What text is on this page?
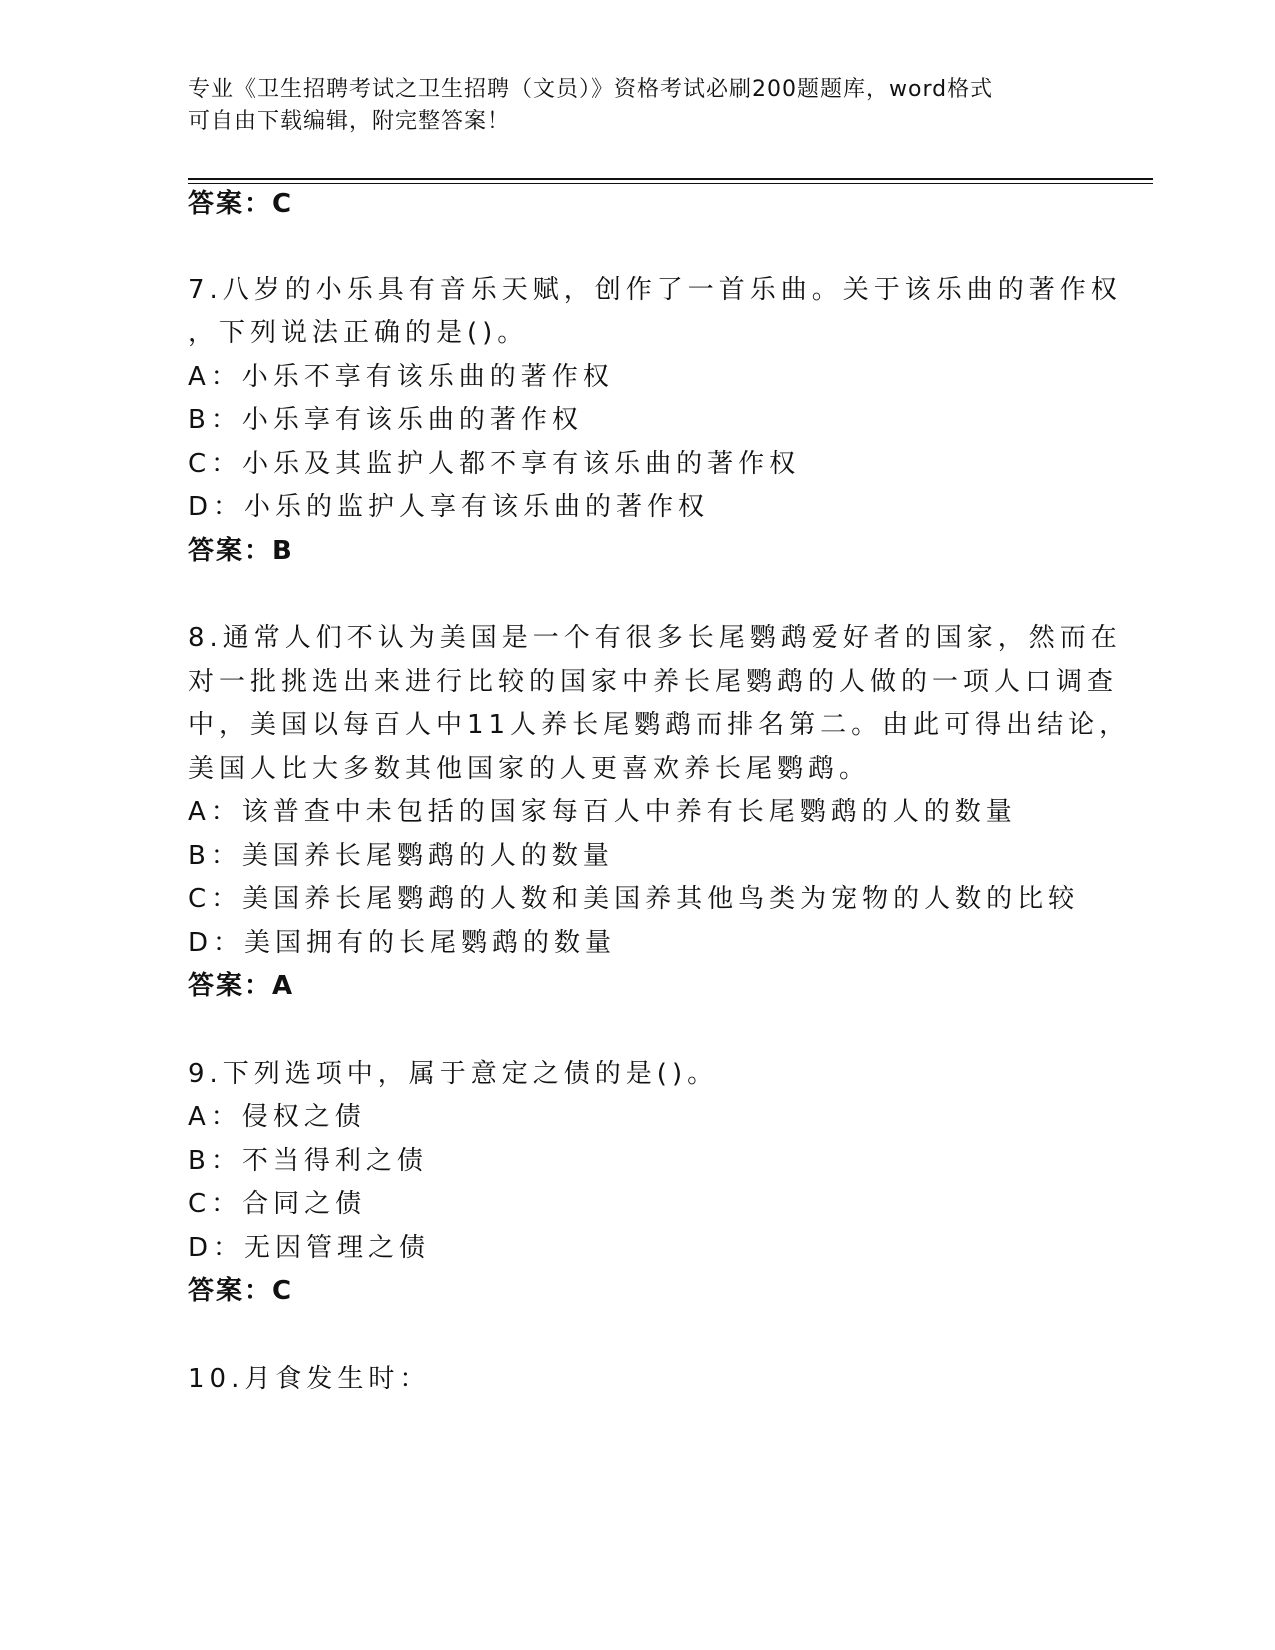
专业《卫生招聘考试之卫生招聘（文员）》资格考试必刷200题题库，word格式
可自由下载编辑，附完整答案！
答案：C
7.八岁的小乐具有音乐天赋，创作了一首乐曲。关于该乐曲的著作权
，下列说法正确的是()。
A：小乐不享有该乐曲的著作权
B：小乐享有该乐曲的著作权
C：小乐及其监护人都不享有该乐曲的著作权
D：小乐的监护人享有该乐曲的著作权
答案：B
8.通常人们不认为美国是一个有很多长尾鹦鹉爱好者的国家，然而在
对一批挑选出来进行比较的国家中养长尾鹦鹉的人做的一项人口调查
中，美国以每百人中11人养长尾鹦鹉而排名第二。由此可得出结论，
美国人比大多数其他国家的人更喜欢养长尾鹦鹉。
A：该普查中未包括的国家每百人中养有长尾鹦鹉的人的数量
B：美国养长尾鹦鹉的人的数量
C：美国养长尾鹦鹉的人数和美国养其他鸟类为宠物的人数的比较
D：美国拥有的长尾鹦鹉的数量
答案：A
9.下列选项中，属于意定之债的是()。
A：侵权之债
B：不当得利之债
C：合同之债
D：无因管理之债
答案：C
10.月食发生时：
